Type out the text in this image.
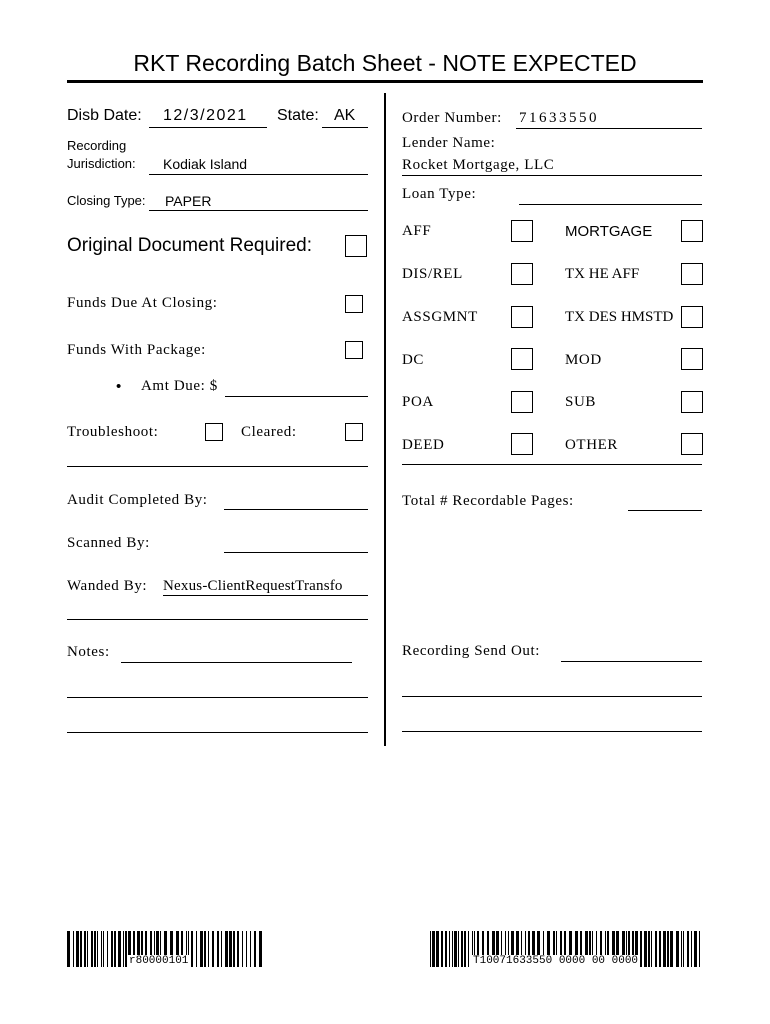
RKT Recording Batch Sheet - NOTE EXPECTED
Disb Date: 12/3/2021 State: AK
Recording
Jurisdiction: Kodiak Island
Closing Type: PAPER
Original Document Required:
Funds Due At Closing:
Funds With Package:
• Amt Due: $
Troubleshoot:	Cleared:
Audit Completed By:
Scanned By:
Wanded By: Nexus-ClientRequestTransfo
Notes:
Order Number: 71633550
Lender Name:
Rocket Mortgage, LLC
Loan Type:
AFF
DIS/REL
ASSGMNT
DC
POA
DEED
MORTGAGE
TX HE AFF
TX DES HMSTD
MOD
SUB
OTHER
Total # Recordable Pages:
Recording Send Out:
r80000101	T10071633550 0000 00 0000
